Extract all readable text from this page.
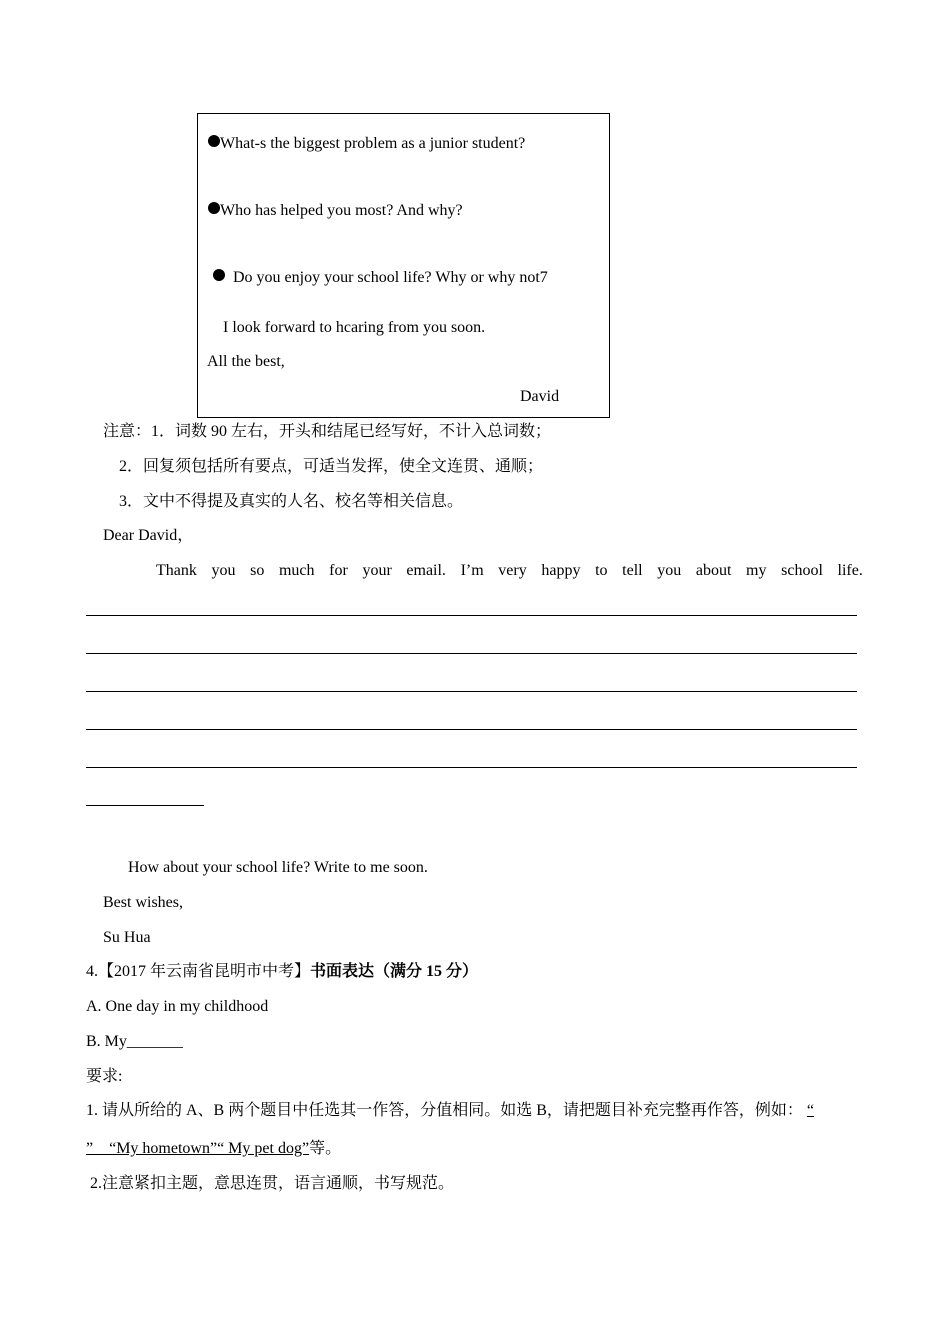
What-s the biggest problem as a junior student?
Who has helped you most? And why?
Do you enjoy your school life? Why or why not7
I look forward to hcaring from you soon.
All the best,
David
注意：1．词数 90 左右，开头和结尾已经写好，不计入总词数；
2．回复须包括所有要点，可适当发挥，使全文连贯、通顺；
3．文中不得提及真实的人名、校名等相关信息。
Dear David，
Thank you so much for your email. I’m very happy to tell you about my school life.
How about your school life? Write to me soon.
Best wishes,
Su Hua
4.【2017 年云南省昆明市中考】书面表达（满分 15 分）
A. One day in my childhood
B. My_______
要求:
1. 请从所给的 A、B 两个题目中任选其一作答，分值相同。如选 B，请把题目补充完整再作答，例如： “
”　“My hometown”“ My pet dog”等。
2.注意紧扣主题，意思连贯，语言通顺，书写规范。
